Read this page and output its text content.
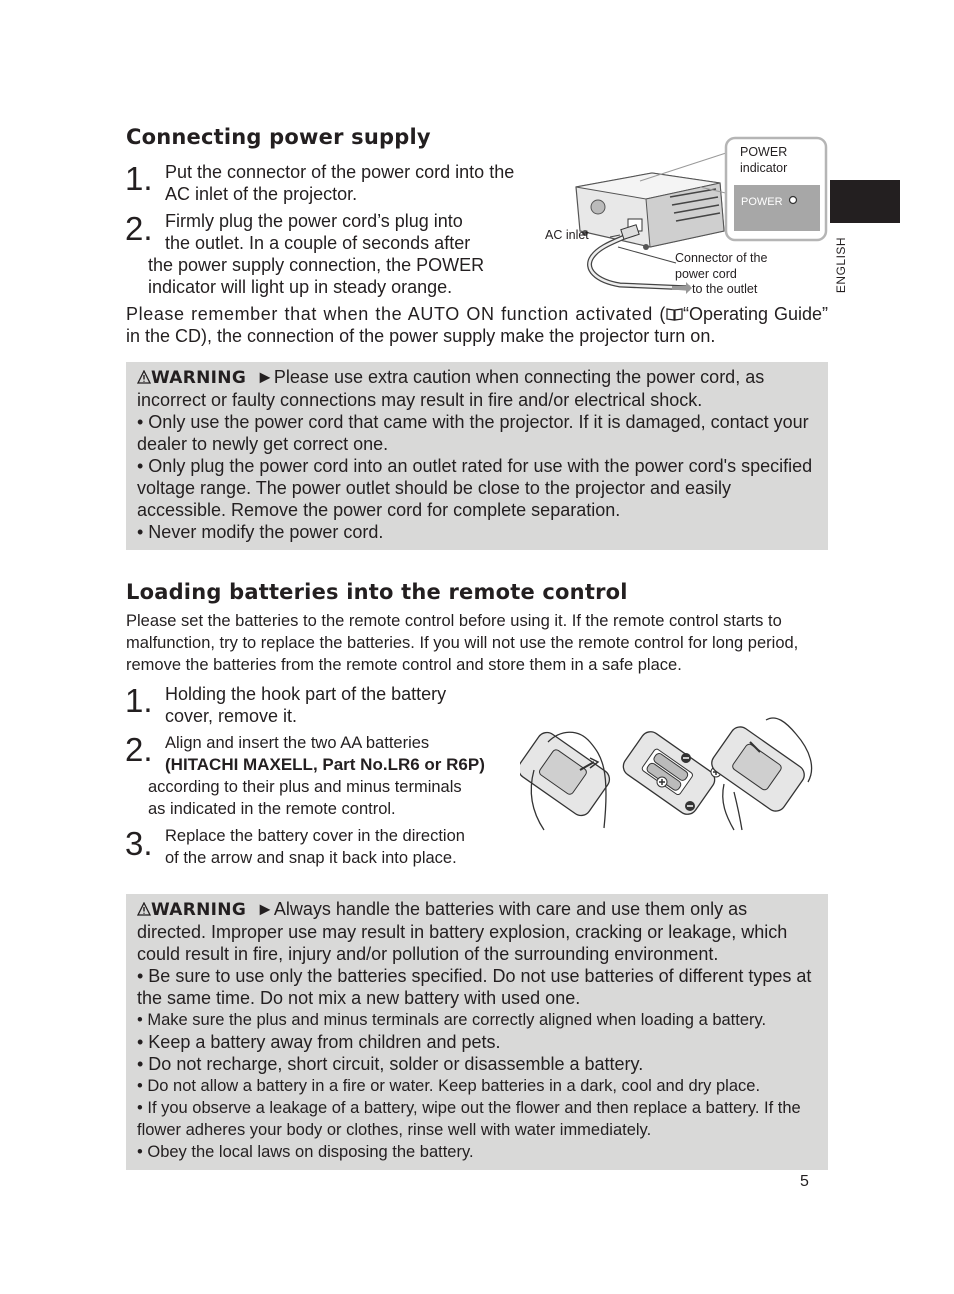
ENGLISH
Connecting power supply
1. Put the connector of the power cord into the
AC inlet of the projector.
2. Firmly plug the power cord’s plug into
the outlet. In a couple of seconds after
the power supply connection, the POWER
indicator will light up in steady orange.
POWER
indicator
POWER
AC inlet
Connector of the
power cord
to the outlet
Please remember that when the AUTO ON function activated ( “Operating Guide” in the CD), the connection of the power supply make the projector turn on.

WARNING ►Please use extra caution when connecting the power cord, as incorrect or faulty connections may result in fire and/or electrical shock.

• Only use the power cord that came with the projector. If it is damaged, contact your dealer to newly get correct one.

• Only plug the power cord into an outlet rated for use with the power cord's specified voltage range. The power outlet should be close to the projector and easily accessible. Remove the power cord for complete separation.

• Never modify the power cord.

Loading batteries into the remote control
Please set the batteries to the remote control before using it. If the remote control starts to malfunction, try to replace the batteries. If you will not use the remote control for long period, remove the batteries from the remote control and store them in a safe place.
1. Holding the hook part of the battery
cover, remove it.
2. Align and insert the two AA batteries
(HITACHI MAXELL, Part No.LR6 or R6P)
according to their plus and minus terminals
as indicated in the remote control.
3. Replace the battery cover in the direction
of the arrow and snap it back into place.

WARNING ►Always handle the batteries with care and use them only as directed. Improper use may result in battery explosion, cracking or leakage, which could result in fire, injury and/or pollution of the surrounding environment.

• Be sure to use only the batteries specified. Do not use batteries of different types at the same time. Do not mix a new battery with used one.

• Make sure the plus and minus terminals are correctly aligned when loading a battery.

• Keep a battery away from children and pets.

• Do not recharge, short circuit, solder or disassemble a battery.

• Do not allow a battery in a fire or water. Keep batteries in a dark, cool and dry place.

• If you observe a leakage of a battery, wipe out the flower and then replace a battery. If the flower adheres your body or clothes, rinse well with water immediately.

• Obey the local laws on disposing the battery.

5
